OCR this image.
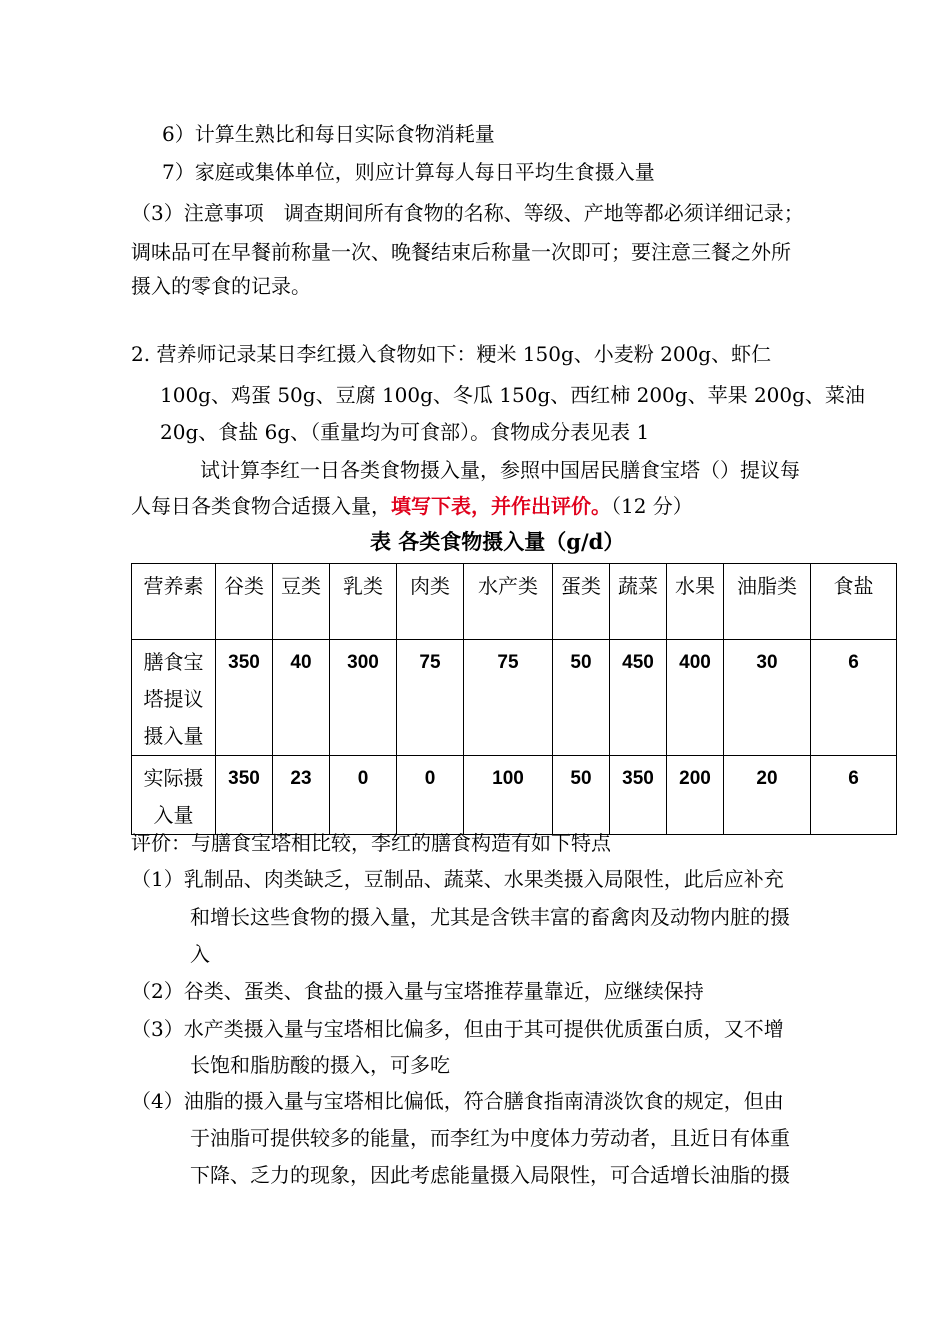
6）计算生熟比和每日实际食物消耗量
7）家庭或集体单位，则应计算每人每日平均生食摄入量
（3）注意事项　调查期间所有食物的名称、等级、产地等都必须详细记录；
调味品可在早餐前称量一次、晚餐结束后称量一次即可；要注意三餐之外所
摄入的零食的记录。
2. 营养师记录某日李红摄入食物如下：粳米 150g、小麦粉 200g、虾仁
100g、鸡蛋 50g、豆腐 100g、冬瓜 150g、西红柿 200g、苹果 200g、菜油
20g、食盐 6g、（重量均为可食部）。食物成分表见表 1
试计算李红一日各类食物摄入量，参照中国居民膳食宝塔（）提议每
人每日各类食物合适摄入量，填写下表，并作出评价。（12 分）
表 各类食物摄入量（g/d）
营养素	谷类	豆类	乳类	肉类	水产类	蛋类	蔬菜	水果	油脂类	食盐
膳食宝塔提议摄入量	350	40	300	75	75	50	450	400	30	6
实际摄入量	350	23	0	0	100	50	350	200	20	6
评价：与膳食宝塔相比较，李红的膳食构造有如下特点
（1）乳制品、肉类缺乏，豆制品、蔬菜、水果类摄入局限性，此后应补充
和增长这些食物的摄入量，尤其是含铁丰富的畜禽肉及动物内脏的摄
入
（2）谷类、蛋类、食盐的摄入量与宝塔推荐量靠近，应继续保持
（3）水产类摄入量与宝塔相比偏多，但由于其可提供优质蛋白质，又不增
长饱和脂肪酸的摄入，可多吃
（4）油脂的摄入量与宝塔相比偏低，符合膳食指南清淡饮食的规定，但由
于油脂可提供较多的能量，而李红为中度体力劳动者，且近日有体重
下降、乏力的现象，因此考虑能量摄入局限性，可合适增长油脂的摄
